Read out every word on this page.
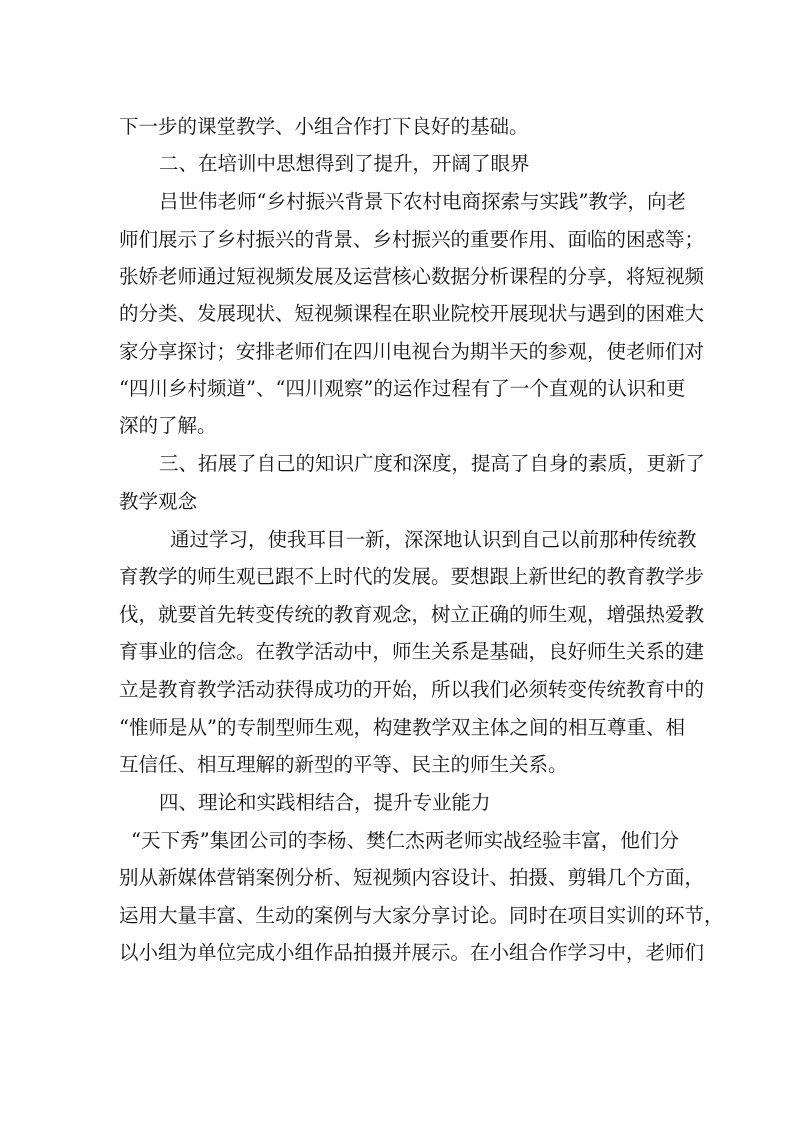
下一步的课堂教学、小组合作打下良好的基础。
二、在培训中思想得到了提升，开阔了眼界
吕世伟老师“乡村振兴背景下农村电商探索与实践”教学，向老
师们展示了乡村振兴的背景、乡村振兴的重要作用、面临的困惑等；
张娇老师通过短视频发展及运营核心数据分析课程的分享，将短视频
的分类、发展现状、短视频课程在职业院校开展现状与遇到的困难大
家分享探讨；安排老师们在四川电视台为期半天的参观，使老师们对
“四川乡村频道”、“四川观察”的运作过程有了一个直观的认识和更
深的了解。
三、拓展了自己的知识广度和深度，提高了自身的素质，更新了
教学观念
通过学习，使我耳目一新，深深地认识到自己以前那种传统教
育教学的师生观已跟不上时代的发展。要想跟上新世纪的教育教学步
伐，就要首先转变传统的教育观念，树立正确的师生观，增强热爱教
育事业的信念。在教学活动中，师生关系是基础，良好师生关系的建
立是教育教学活动获得成功的开始，所以我们必须转变传统教育中的
“惟师是从”的专制型师生观，构建教学双主体之间的相互尊重、相
互信任、相互理解的新型的平等、民主的师生关系。
四、理论和实践相结合，提升专业能力
“天下秀”集团公司的李杨、樊仁杰两老师实战经验丰富，他们分
别从新媒体营销案例分析、短视频内容设计、拍摄、剪辑几个方面，
运用大量丰富、生动的案例与大家分享讨论。同时在项目实训的环节，
以小组为单位完成小组作品拍摄并展示。在小组合作学习中，老师们
